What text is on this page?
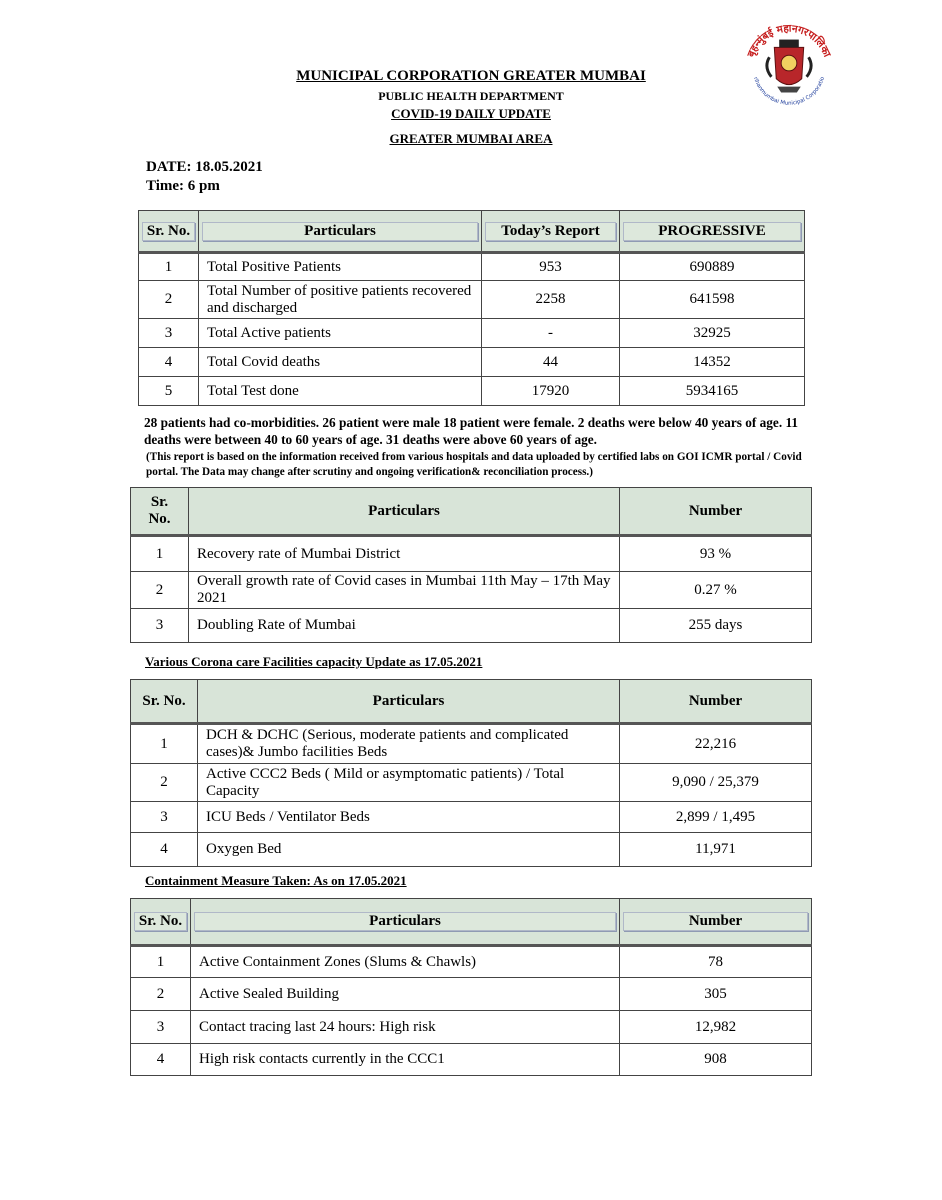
MUNICIPAL CORPORATION GREATER MUMBAI
PUBLIC HEALTH DEPARTMENT
COVID-19 DAILY UPDATE
GREATER MUMBAI AREA
बृहन्मुंबई महानगरपालिका
rihanmumbai Municipal Corporatio
DATE: 18.05.2021
Time: 6 pm
Sr. No.	Particulars	Today’s Report	PROGRESSIVE

1	Total Positive Patients	953	690889
2	Total Number of positive patients recovered and discharged	2258	641598
3	Total Active patients	-	32925
4	Total Covid deaths	44	14352
5	Total Test done	17920	5934165
28 patients had co-morbidities. 26 patient were male 18 patient were female. 2 deaths were below 40 years of age. 11 deaths were between 40 to 60 years of age. 31 deaths were above 60 years of age.
(This report is based on the information received from various hospitals and data uploaded by certified labs on GOI ICMR portal / Covid portal. The Data may change after scrutiny and ongoing verification& reconciliation process.)
Sr. No.	Particulars	Number
1	Recovery rate of Mumbai District	93 %
2	Overall growth rate of Covid cases in Mumbai 11th May – 17th May 2021	0.27 %
3	Doubling Rate of Mumbai	255 days
Various Corona care Facilities capacity Update as 17.05.2021
Sr. No.	Particulars	Number
1	DCH & DCHC (Serious, moderate patients and complicated cases)& Jumbo facilities Beds	22,216
2	Active CCC2 Beds ( Mild or asymptomatic patients) / Total Capacity	9,090 / 25,379
3	ICU Beds / Ventilator Beds	2,899 / 1,495
4	Oxygen Bed	11,971
Containment Measure Taken: As on 17.05.2021
Sr. No.	Particulars	Number

1	Active Containment Zones (Slums & Chawls)	78
2	Active Sealed Building	305
3	Contact tracing last 24 hours: High risk	12,982
4	High risk contacts currently in the CCC1	908
